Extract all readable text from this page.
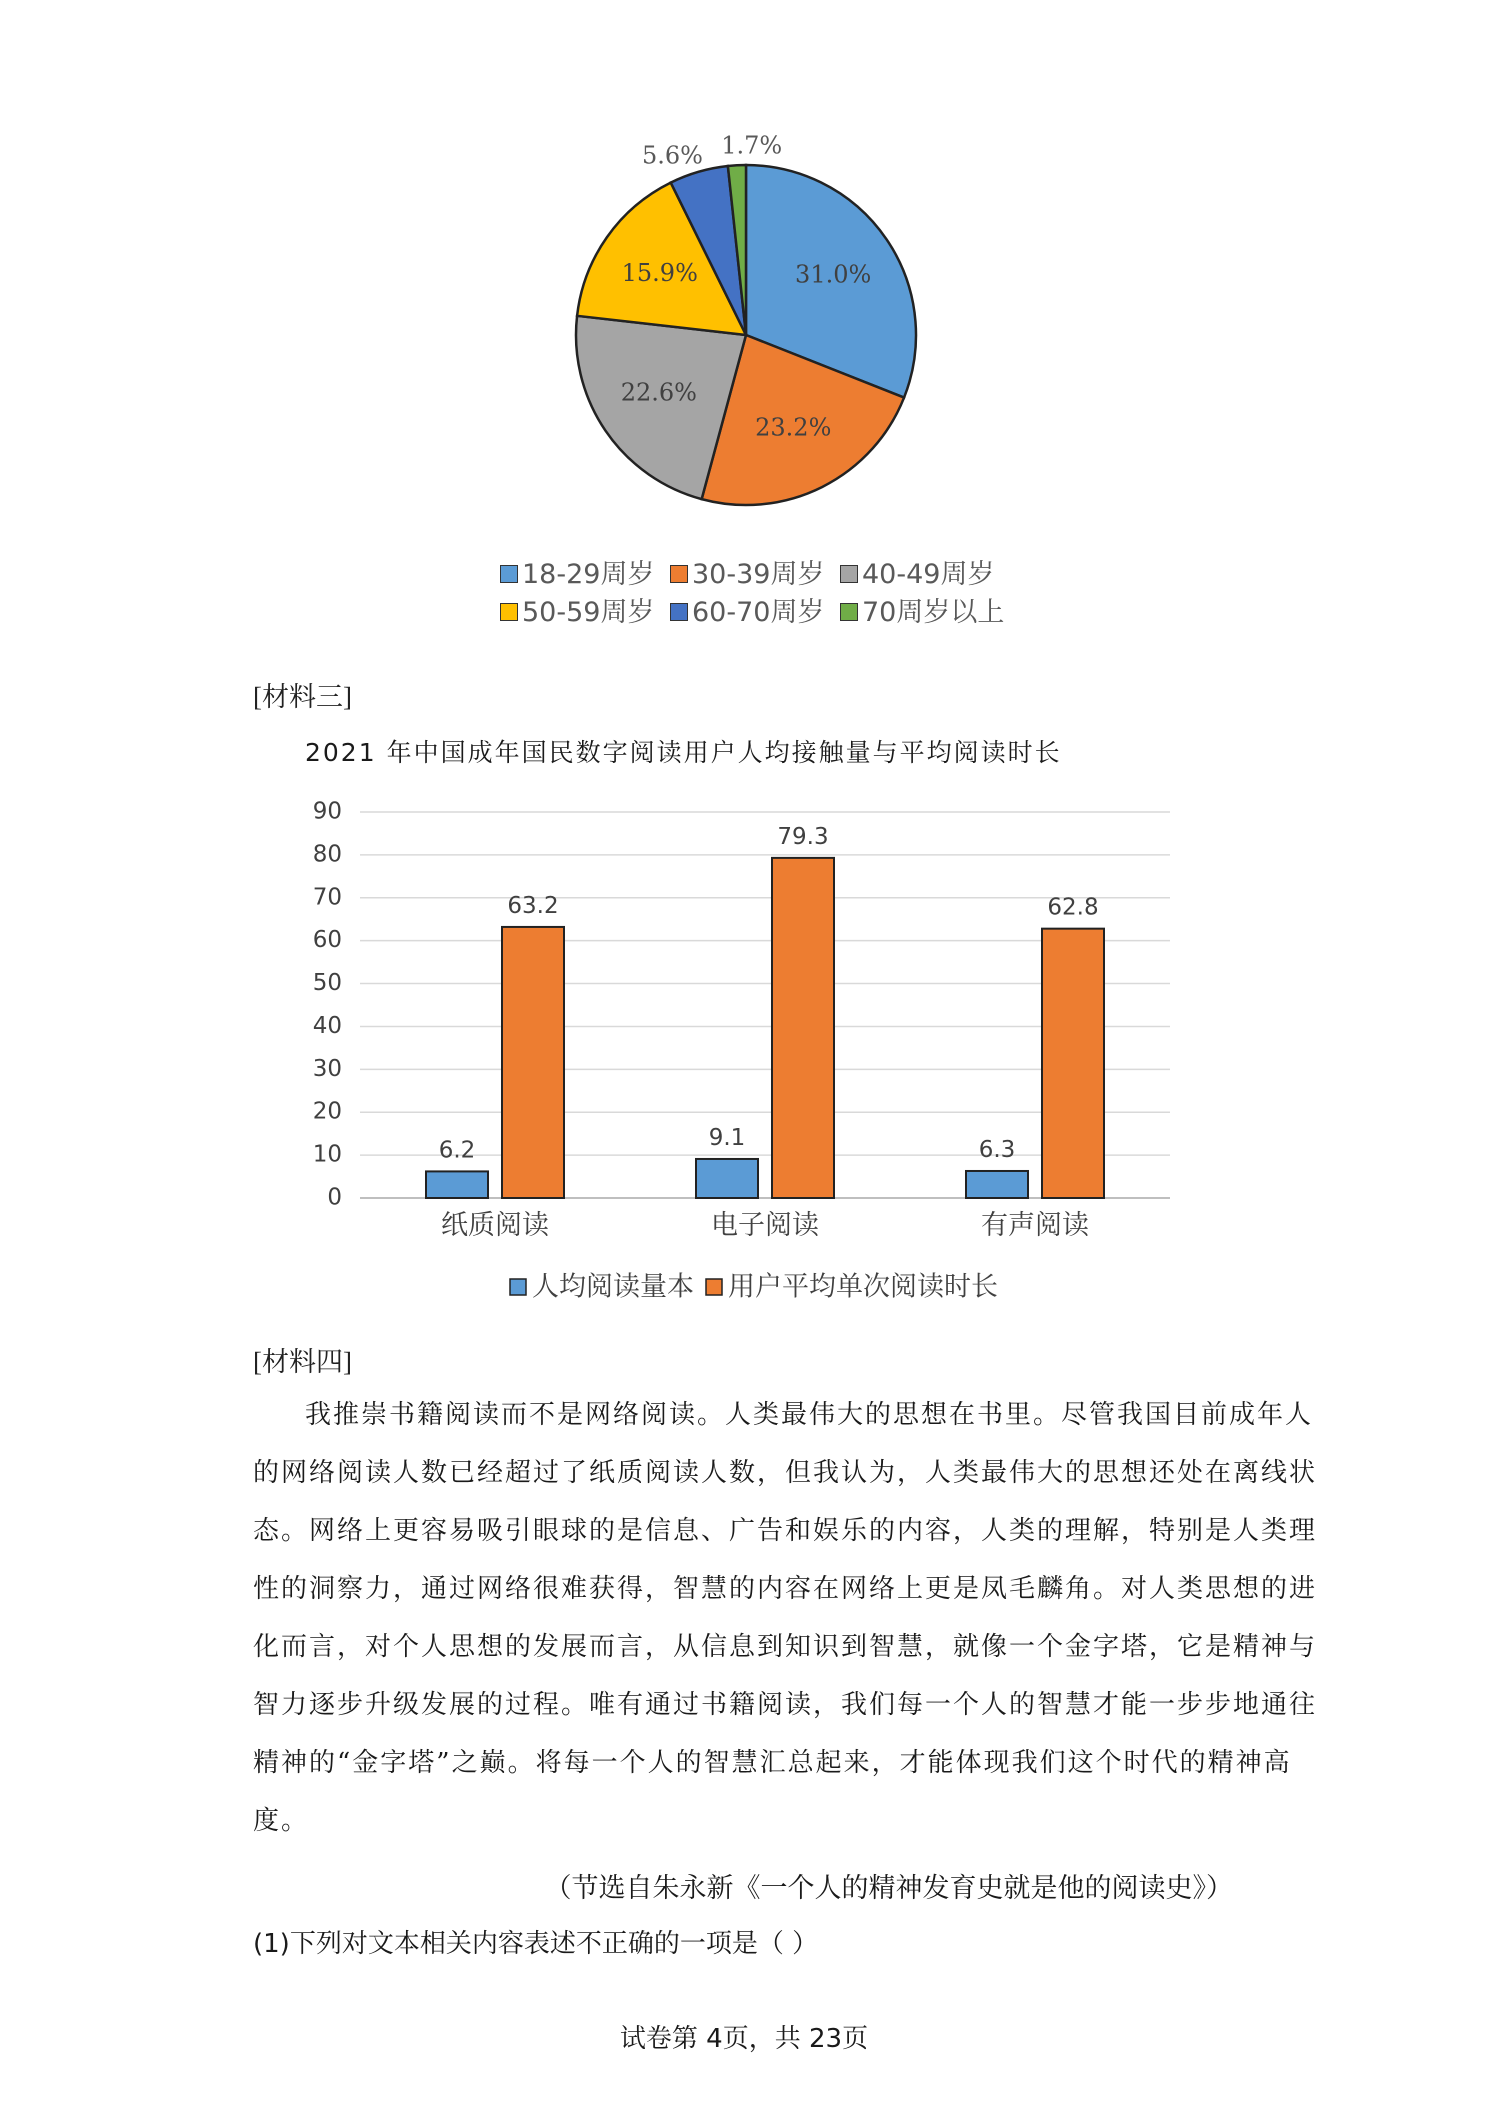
31.0%
23.2%
22.6%
15.9%
5.6% 1.7%
18-29周岁	30-39周岁	40-49周岁
50-59周岁	60-70周岁	70周岁以上
[材料三]
2021 年中国成年国民数字阅读用户人均接触量与平均阅读时长
0
10
20
30
40
50
60
70
80
90
6.2
63.2
纸质阅读
9.1
79.3
电子阅读
6.3
62.8
有声阅读
人均阅读量本 用户平均单次阅读时长
[材料四]
我推崇书籍阅读而不是网络阅读。人类最伟大的思想在书里。尽管我国目前成年人
的网络阅读人数已经超过了纸质阅读人数，但我认为，人类最伟大的思想还处在离线状
态。网络上更容易吸引眼球的是信息、广告和娱乐的内容，人类的理解，特别是人类理
性的洞察力，通过网络很难获得，智慧的内容在网络上更是凤毛麟角。对人类思想的进
化而言，对个人思想的发展而言，从信息到知识到智慧，就像一个金字塔，它是精神与
智力逐步升级发展的过程。唯有通过书籍阅读，我们每一个人的智慧才能一步步地通往
精神的“金字塔”之巅。将每一个人的智慧汇总起来，才能体现我们这个时代的精神高
度。
（节选自朱永新《一个人的精神发育史就是他的阅读史》）
(1)下列对文本相关内容表述不正确的一项是（ ）
试卷第 4页，共 23页
